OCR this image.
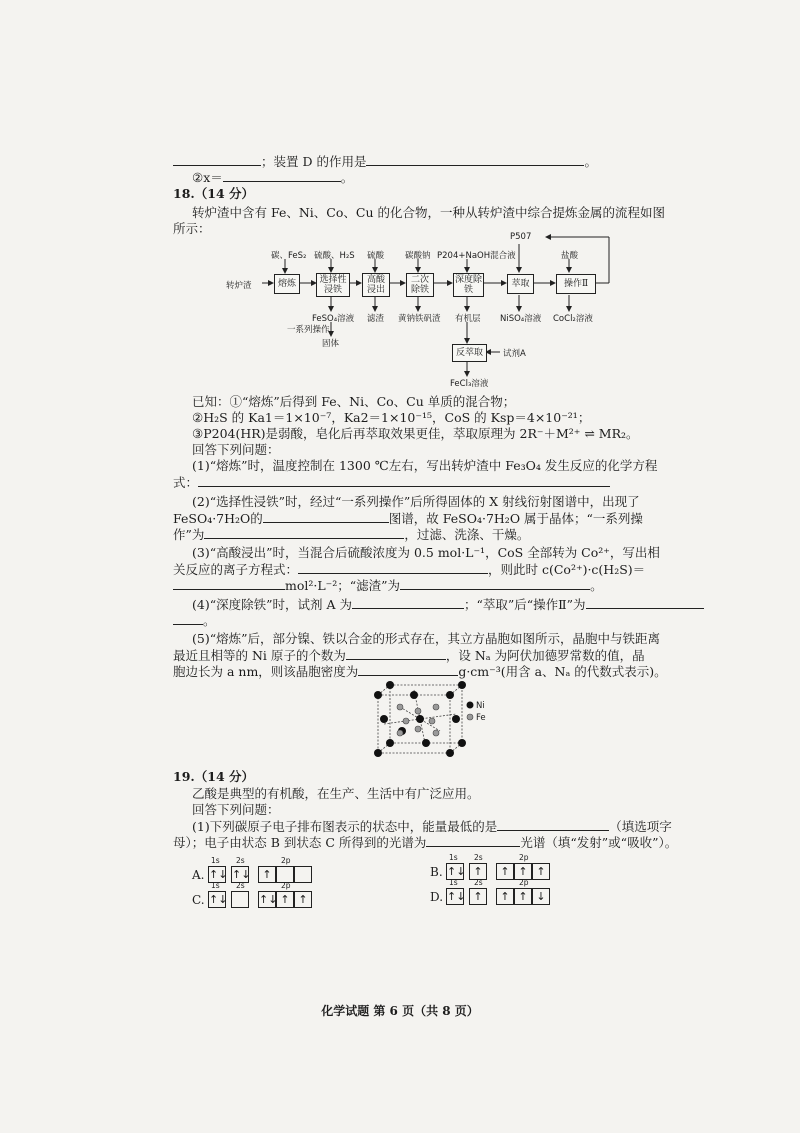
；装置 D 的作用是	。
②x＝	。
18.（14 分）
转炉渣中含有 Fe、Ni、Co、Cu 的化合物，一种从转炉渣中综合提炼金属的流程如图
所示：
转炉渣	熔炼	选择性浸铁
高酸浸出
二次除铁
深度除铁
萃取	操作Ⅱ
反萃取
碳、FeS₂ 硫酸、H₂S 硫酸 碳酸钠 P204+NaOH混合液	盐酸
P507
FeSO₄溶液 滤渣 黄钠铁矾渣 有机层 NiSO₄溶液 CoCl₂溶液
一系列操作
固体
试剂A
FeCl₃溶液
已知：①“熔炼”后得到 Fe、Ni、Co、Cu 单质的混合物；
②H₂S 的 Ka1＝1×10⁻⁷，Ka2＝1×10⁻¹⁵，CoS 的 Ksp＝4×10⁻²¹；
③P204(HR)是弱酸，皂化后再萃取效果更佳，萃取原理为 2R⁻＋M²⁺ ⇌ MR₂。
回答下列问题：
(1)“熔炼”时，温度控制在 1300 ℃左右，写出转炉渣中 Fe₃O₄ 发生反应的化学方程
式：
(2)“选择性浸铁”时，经过“一系列操作”后所得固体的 X 射线衍射图谱中，出现了
FeSO₄·7H₂O的	图谱，故 FeSO₄·7H₂O 属于晶体；“一系列操
作”为	，过滤、洗涤、干燥。
(3)“高酸浸出”时，当混合后硫酸浓度为 0.5 mol·L⁻¹，CoS 全部转为 Co²⁺，写出相
关反应的离子方程式：	，则此时 c(Co²⁺)·c(H₂S)＝
mol²·L⁻²；“滤渣”为	。
(4)“深度除铁”时，试剂 A 为	；“萃取”后“操作Ⅱ”为
。
(5)“熔炼”后，部分镍、铁以合金的形式存在，其立方晶胞如图所示，晶胞中与铁距离
最近且相等的 Ni 原子的个数为	，设 Nₐ 为阿伏加德罗常数的值，晶
胞边长为 a nm，则该晶胞密度为	g·cm⁻³(用含 a、Nₐ 的代数式表示)。
Ni
Fe
19.（14 分）
乙酸是典型的有机酸，在生产、生活中有广泛应用。
回答下列问题：
(1)下列碳原子电子排布图表示的状态中，能量最低的是	（填选项字
母）；电子由状态 B 到状态 C 所得到的光谱为	光谱（填“发射”或“吸收”）。
A.
1s 2s	2p
↑↓ ↑↓	↑	B.
1s 2s	2p
↑↓ ↑	↑ ↑ ↑
C.
1s 2s	2p
↑↓	↑↓ ↑ ↑	D.
1s 2s	2p
↑↓ ↑	↑ ↑ ↓
化学试题 第 6 页（共 8 页）
